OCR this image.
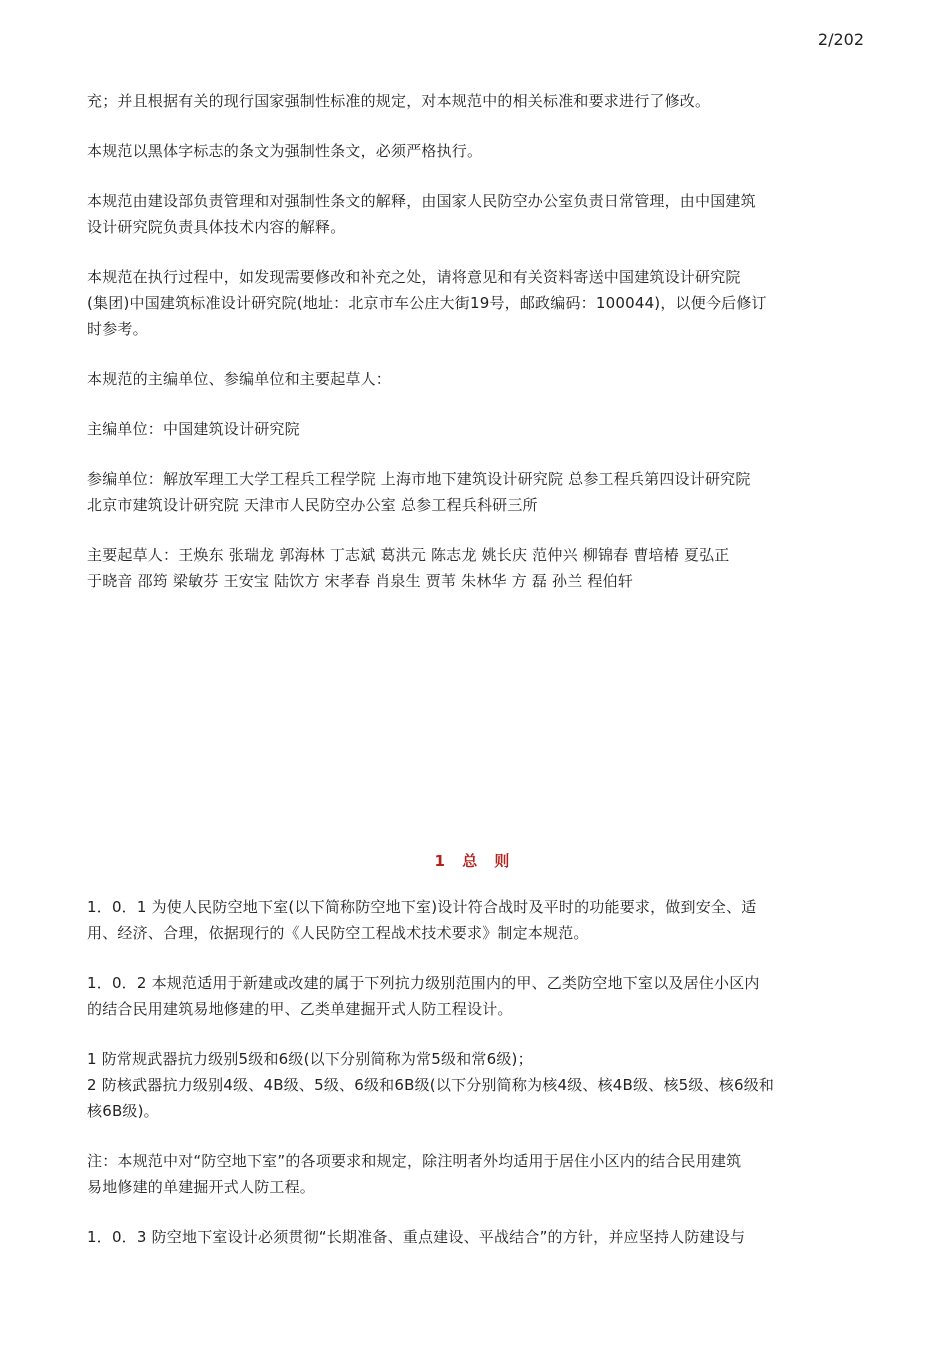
2/202

充；并且根据有关的现行国家强制性标准的规定，对本规范中的相关标准和要求进行了修改。

本规范以黑体字标志的条文为强制性条文，必须严格执行。

本规范由建设部负责管理和对强制性条文的解释，由国家人民防空办公室负责日常管理，由中国建筑
设计研究院负责具体技术内容的解释。

本规范在执行过程中，如发现需要修改和补充之处，请将意见和有关资料寄送中国建筑设计研究院
(集团)中国建筑标准设计研究院(地址：北京市车公庄大街19号，邮政编码：100044)，以便今后修订
时参考。

本规范的主编单位、参编单位和主要起草人：

主编单位：中国建筑设计研究院

参编单位：解放军理工大学工程兵工程学院 上海市地下建筑设计研究院 总参工程兵第四设计研究院
北京市建筑设计研究院 天津市人民防空办公室 总参工程兵科研三所

主要起草人：王焕东 张瑞龙 郭海林 丁志斌 葛洪元 陈志龙 姚长庆 范仲兴 柳锦春 曹培椿 夏弘正
于晓音 邵筠 梁敏芬 王安宝 陆饮方 宋孝春 肖泉生 贾苇 朱林华 方 磊 孙兰 程伯轩

1 总 则

1．0．1 为使人民防空地下室(以下简称防空地下室)设计符合战时及平时的功能要求，做到安全、适
用、经济、合理，依据现行的《人民防空工程战术技术要求》制定本规范。

1．0．2 本规范适用于新建或改建的属于下列抗力级别范围内的甲、乙类防空地下室以及居住小区内
的结合民用建筑易地修建的甲、乙类单建掘开式人防工程设计。

1 防常规武器抗力级别5级和6级(以下分别简称为常5级和常6级)；

2 防核武器抗力级别4级、4B级、5级、6级和6B级(以下分别简称为核4级、核4B级、核5级、核6级和
核6B级)。

注：本规范中对“防空地下室”的各项要求和规定，除注明者外均适用于居住小区内的结合民用建筑
易地修建的单建掘开式人防工程。

1．0．3 防空地下室设计必须贯彻“长期准备、重点建设、平战结合”的方针，并应坚持人防建设与
